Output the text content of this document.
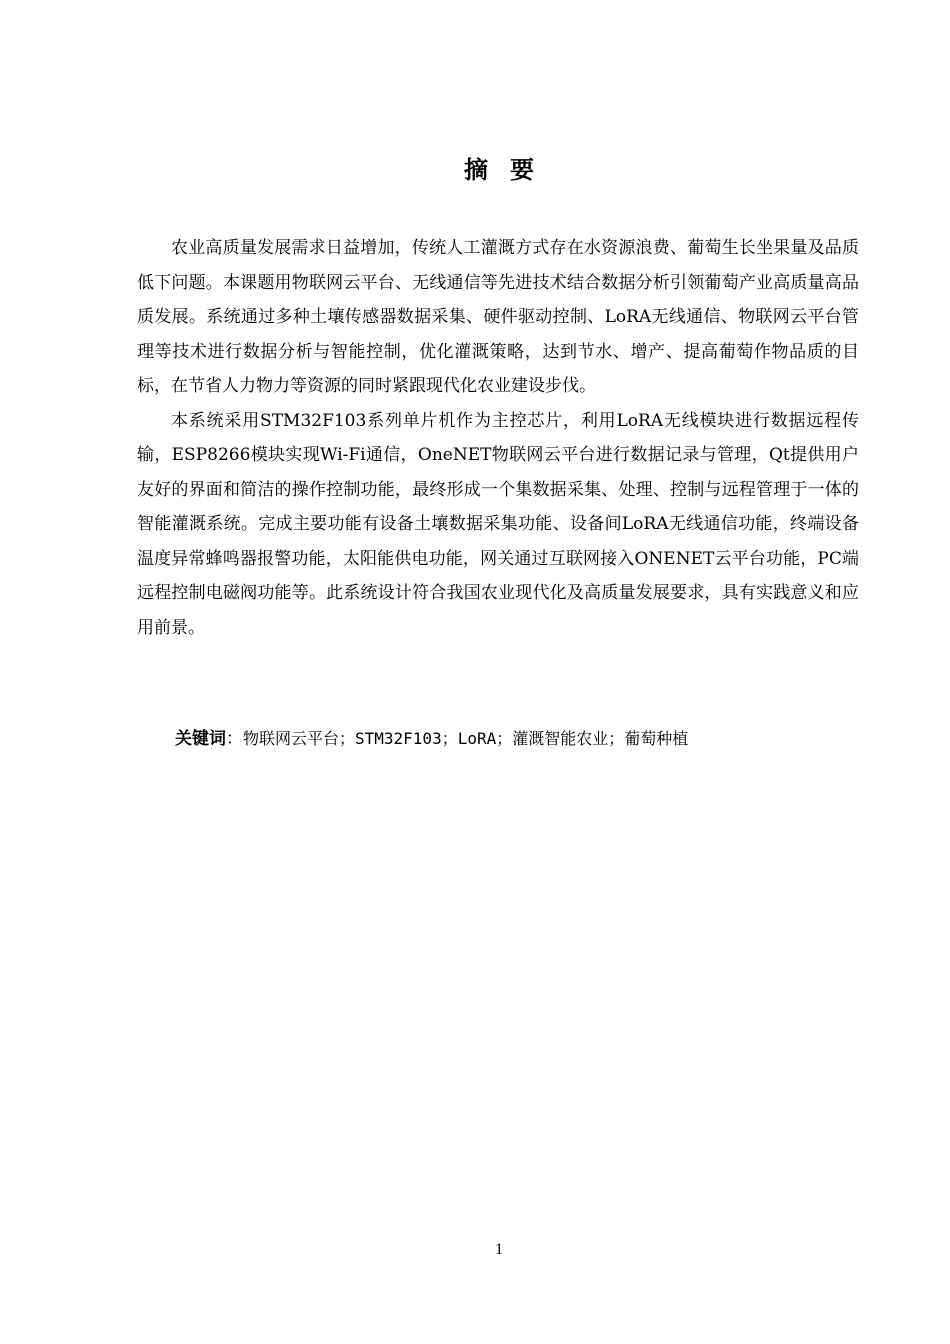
摘 要

农业高质量发展需求日益增加，传统人工灌溉方式存在水资源浪费、葡萄生长坐果量及品质低下问题。本课题用物联网云平台、无线通信等先进技术结合数据分析引领葡萄产业高质量高品质发展。系统通过多种土壤传感器数据采集、硬件驱动控制、LoRA无线通信、物联网云平台管理等技术进行数据分析与智能控制，优化灌溉策略，达到节水、增产、提高葡萄作物品质的目标，在节省人力物力等资源的同时紧跟现代化农业建设步伐。

本系统采用STM32F103系列单片机作为主控芯片，利用LoRA无线模块进行数据远程传输，ESP8266模块实现Wi-Fi通信，OneNET物联网云平台进行数据记录与管理，Qt提供用户友好的界面和简洁的操作控制功能，最终形成一个集数据采集、处理、控制与远程管理于一体的智能灌溉系统。完成主要功能有设备土壤数据采集功能、设备间LoRA无线通信功能，终端设备温度异常蜂鸣器报警功能，太阳能供电功能，网关通过互联网接入ONENET云平台功能，PC端远程控制电磁阀功能等。此系统设计符合我国农业现代化及高质量发展要求，具有实践意义和应用前景。

关键词：物联网云平台；STM32F103；LoRA；灌溉智能农业；葡萄种植
1
